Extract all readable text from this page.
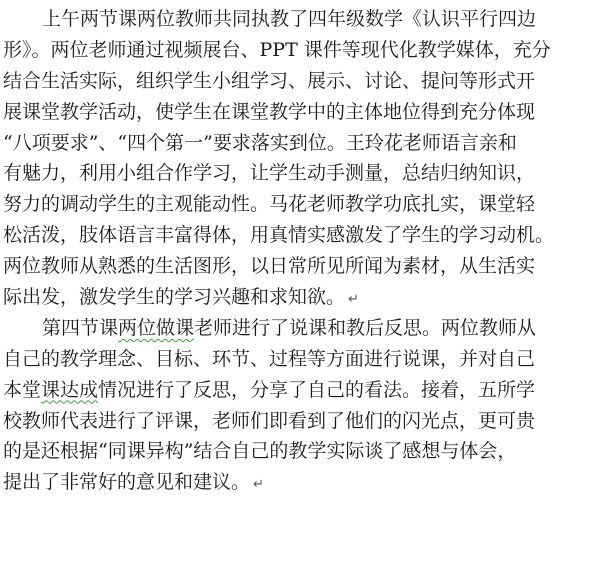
上午两节课两位教师共同执教了四年级数学《认识平行四边
形》。两位老师通过视频展台、PPT 课件等现代化教学媒体，充分
结合生活实际，组织学生小组学习、展示、讨论、提问等形式开
展课堂教学活动，使学生在课堂教学中的主体地位得到充分体现
“八项要求”、“四个第一”要求落实到位。王玲花老师语言亲和
有魅力，利用小组合作学习，让学生动手测量，总结归纳知识，
努力的调动学生的主观能动性。马花老师教学功底扎实，课堂轻
松活泼，肢体语言丰富得体，用真情实感激发了学生的学习动机。
两位教师从熟悉的生活图形，以日常所见所闻为素材，从生活实
际出发，激发学生的学习兴趣和求知欲。 ↵
第四节课两位做课老师进行了说课和教后反思。两位教师从
自己的教学理念、目标、环节、过程等方面进行说课，并对自己
本堂课达成情况进行了反思，分享了自己的看法。接着，五所学
校教师代表进行了评课，老师们即看到了他们的闪光点，更可贵
的是还根据“同课异构”结合自己的教学实际谈了感想与体会，
提出了非常好的意见和建议。 ↵
